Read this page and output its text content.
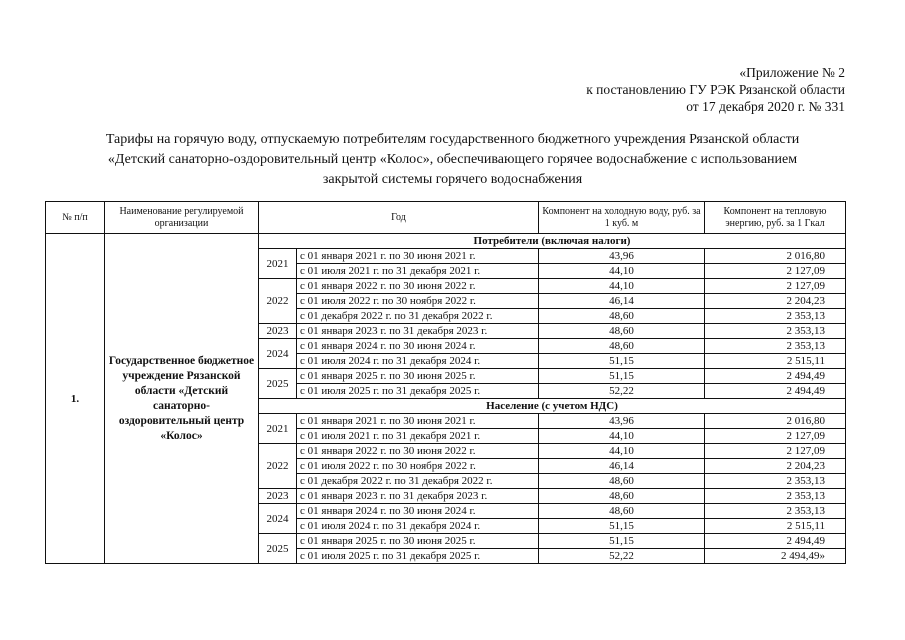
«Приложение № 2
к постановлению ГУ РЭК Рязанской области
от 17 декабря 2020 г. № 331
Тарифы на горячую воду, отпускаемую потребителям государственного бюджетного учреждения Рязанской области
«Детский санаторно-оздоровительный центр «Колос», обеспечивающего горячее водоснабжение с использованием
закрытой системы горячего водоснабжения
№ п/п	Наименование регулируемой организации	Год		Компонент на холодную воду, руб. за 1 куб. м	Компонент на тепловую энергию, руб. за 1 Гкал
1.	Государственное бюджетное учреждение Рязанской области «Детский санаторно-оздоровительный центр «Колос»	Потребители (включая налоги)			
		2021	с 01 января 2021 г. по 30 июня 2021 г.	43,96	2 016,80
			с 01 июля 2021 г. по 31 декабря 2021 г.	44,10	2 127,09
		2022	с 01 января 2022 г. по 30 июня 2022 г.	44,10	2 127,09
			с 01 июля 2022 г. по 30 ноября 2022 г.	46,14	2 204,23
			с 01 декабря 2022 г. по 31 декабря 2022 г.	48,60	2 353,13
		2023	с 01 января 2023 г. по 31 декабря 2023 г.	48,60	2 353,13
		2024	с 01 января 2024 г. по 30 июня 2024 г.	48,60	2 353,13
			с 01 июля 2024 г. по 31 декабря 2024 г.	51,15	2 515,11
		2025	с 01 января 2025 г. по 30 июня 2025 г.	51,15	2 494,49
			с 01 июля 2025 г. по 31 декабря 2025 г.	52,22	2 494,49
		Население (с учетом НДС)			
		2021	с 01 января 2021 г. по 30 июня 2021 г.	43,96	2 016,80
			с 01 июля 2021 г. по 31 декабря 2021 г.	44,10	2 127,09
		2022	с 01 января 2022 г. по 30 июня 2022 г.	44,10	2 127,09
			с 01 июля 2022 г. по 30 ноября 2022 г.	46,14	2 204,23
			с 01 декабря 2022 г. по 31 декабря 2022 г.	48,60	2 353,13
		2023	с 01 января 2023 г. по 31 декабря 2023 г.	48,60	2 353,13
		2024	с 01 января 2024 г. по 30 июня 2024 г.	48,60	2 353,13
			с 01 июля 2024 г. по 31 декабря 2024 г.	51,15	2 515,11
		2025	с 01 января 2025 г. по 30 июня 2025 г.	51,15	2 494,49
			с 01 июля 2025 г. по 31 декабря 2025 г.	52,22	2 494,49»
